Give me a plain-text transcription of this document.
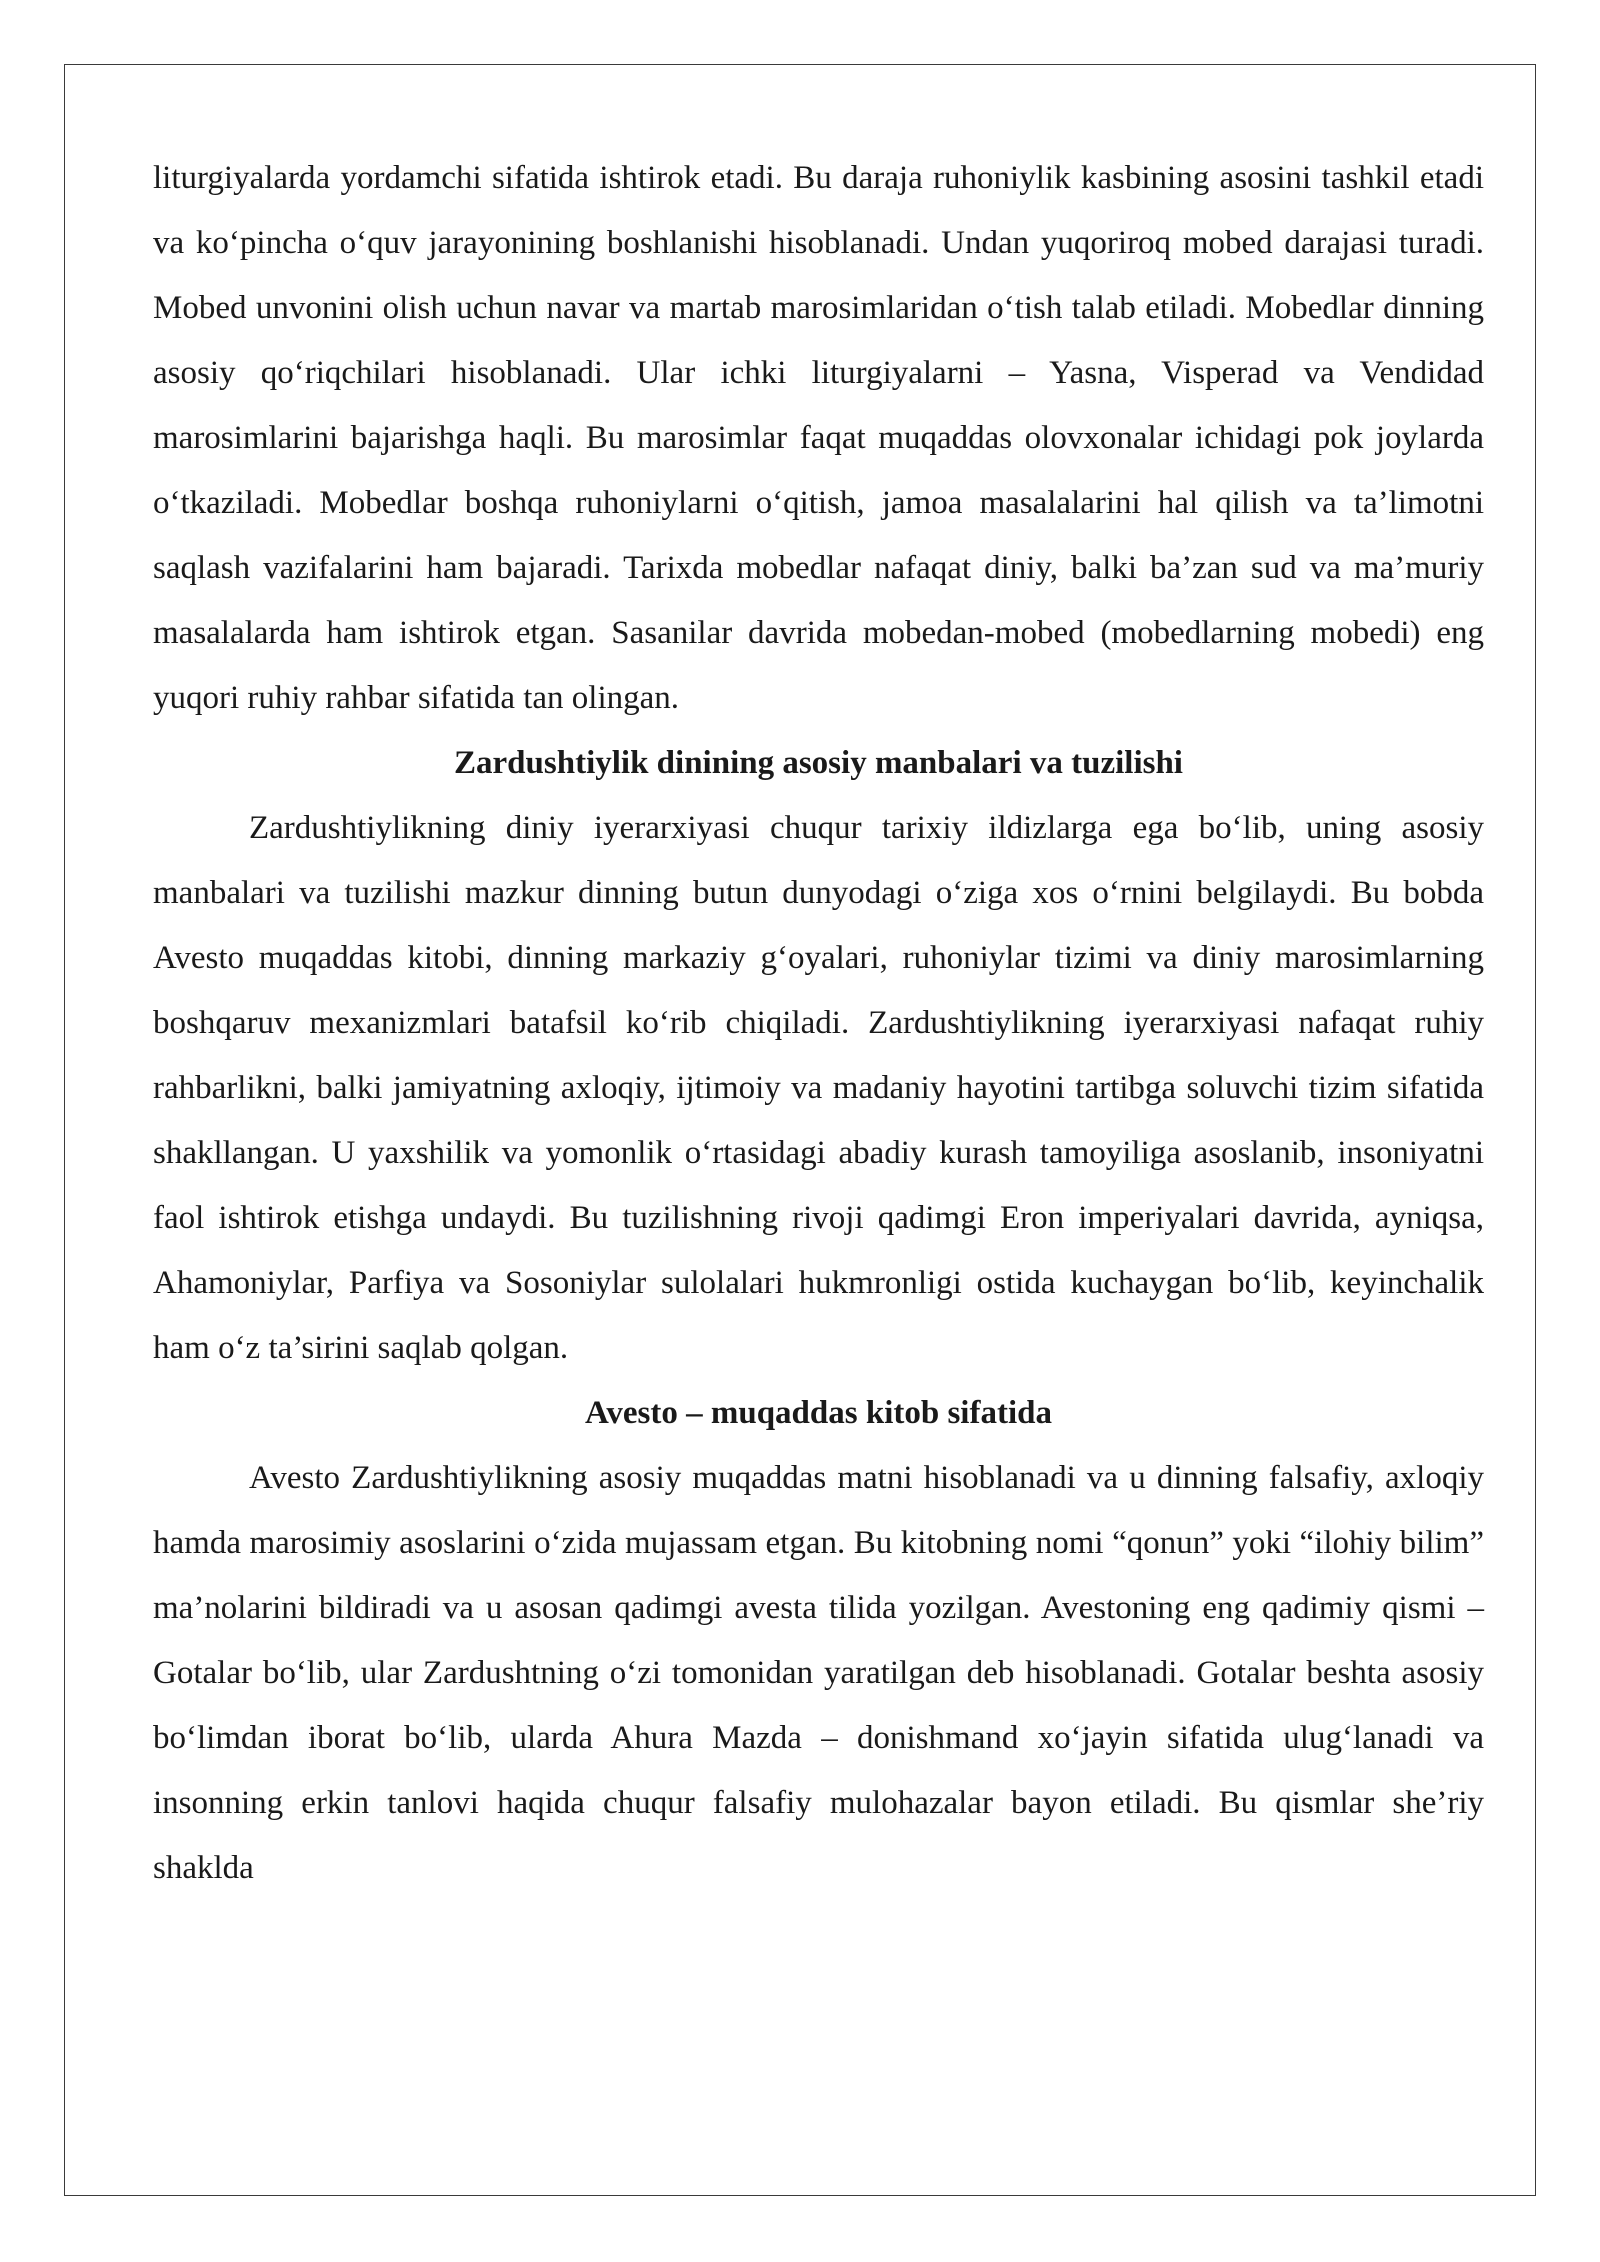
liturgiyalarda yordamchi sifatida ishtirok etadi. Bu daraja ruhoniylik kasbining asosini tashkil etadi va ko‘pincha o‘quv jarayonining boshlanishi hisoblanadi. Undan yuqoriroq mobed darajasi turadi. Mobed unvonini olish uchun navar va martab marosimlaridan o‘tish talab etiladi. Mobedlar dinning asosiy qo‘riqchilari hisoblanadi. Ular ichki liturgiyalarni – Yasna, Visperad va Vendidad marosimlarini bajarishga haqli. Bu marosimlar faqat muqaddas olovxonalar ichidagi pok joylarda o‘tkaziladi. Mobedlar boshqa ruhoniylarni o‘qitish, jamoa masalalarini hal qilish va ta’limotni saqlash vazifalarini ham bajaradi. Tarixda mobedlar nafaqat diniy, balki ba’zan sud va ma’muriy masalalarda ham ishtirok etgan. Sasanilar davrida mobedan-mobed (mobedlarning mobedi) eng yuqori ruhiy rahbar sifatida tan olingan.

Zardushtiylik dinining asosiy manbalari va tuzilishi

Zardushtiylikning diniy iyerarxiyasi chuqur tarixiy ildizlarga ega bo‘lib, uning asosiy manbalari va tuzilishi mazkur dinning butun dunyodagi o‘ziga xos o‘rnini belgilaydi. Bu bobda Avesto muqaddas kitobi, dinning markaziy g‘oyalari, ruhoniylar tizimi va diniy marosimlarning boshqaruv mexanizmlari batafsil ko‘rib chiqiladi. Zardushtiylikning iyerarxiyasi nafaqat ruhiy rahbarlikni, balki jamiyatning axloqiy, ijtimoiy va madaniy hayotini tartibga soluvchi tizim sifatida shakllangan. U yaxshilik va yomonlik o‘rtasidagi abadiy kurash tamoyiliga asoslanib, insoniyatni faol ishtirok etishga undaydi. Bu tuzilishning rivoji qadimgi Eron imperiyalari davrida, ayniqsa, Ahamoniylar, Parfiya va Sosoniylar sulolalari hukmronligi ostida kuchaygan bo‘lib, keyinchalik ham o‘z ta’sirini saqlab qolgan.

Avesto – muqaddas kitob sifatida

Avesto Zardushtiylikning asosiy muqaddas matni hisoblanadi va u dinning falsafiy, axloqiy hamda marosimiy asoslarini o‘zida mujassam etgan. Bu kitobning nomi “qonun” yoki “ilohiy bilim” ma’nolarini bildiradi va u asosan qadimgi avesta tilida yozilgan. Avestoning eng qadimiy qismi – Gotalar bo‘lib, ular Zardushtning o‘zi tomonidan yaratilgan deb hisoblanadi. Gotalar beshta asosiy bo‘limdan iborat bo‘lib, ularda Ahura Mazda – donishmand xo‘jayin sifatida ulug‘lanadi va insonning erkin tanlovi haqida chuqur falsafiy mulohazalar bayon etiladi. Bu qismlar she’riy shaklda
